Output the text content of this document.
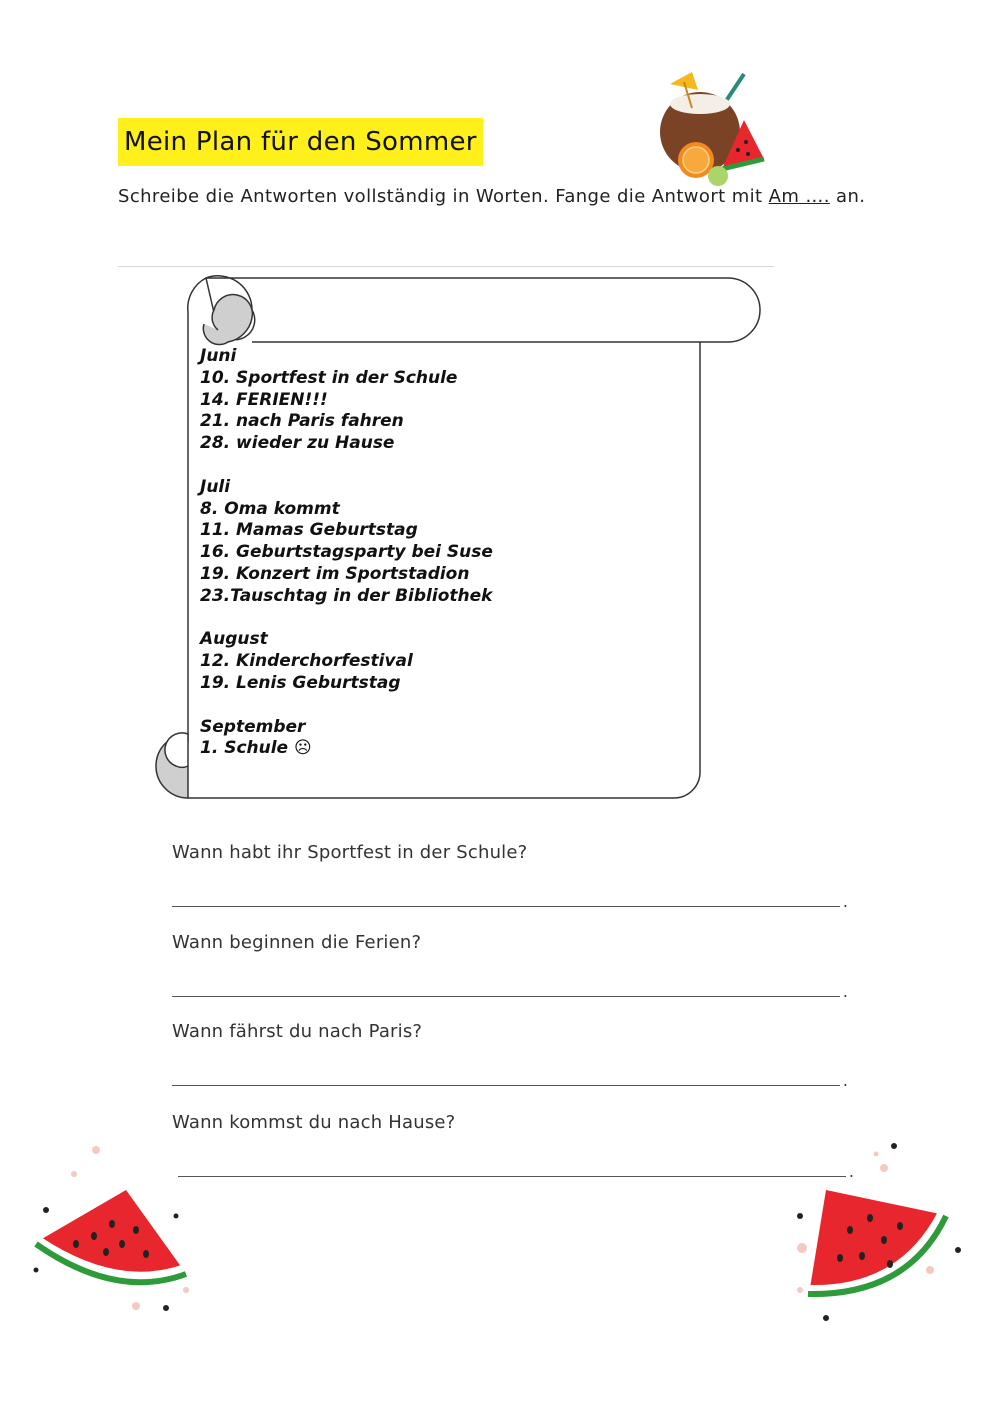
Mein Plan für den Sommer
Schreibe die Antworten vollständig in Worten. Fange die Antwort mit Am …. an.
Juni
10. Sportfest in der Schule
14. FERIEN!!!
21. nach Paris fahren
28. wieder zu Hause
Juli
8. Oma kommt
11. Mamas Geburtstag
16. Geburtstagsparty bei Suse
19. Konzert im Sportstadion
23.Tauschtag in der Bibliothek
August
12. Kinderchorfestival
19. Lenis Geburtstag
September
1. Schule ☹
Wann habt ihr Sportfest in der Schule?
.
Wann beginnen die Ferien?
.
Wann fährst du nach Paris?
.
Wann kommst du nach Hause?
.
